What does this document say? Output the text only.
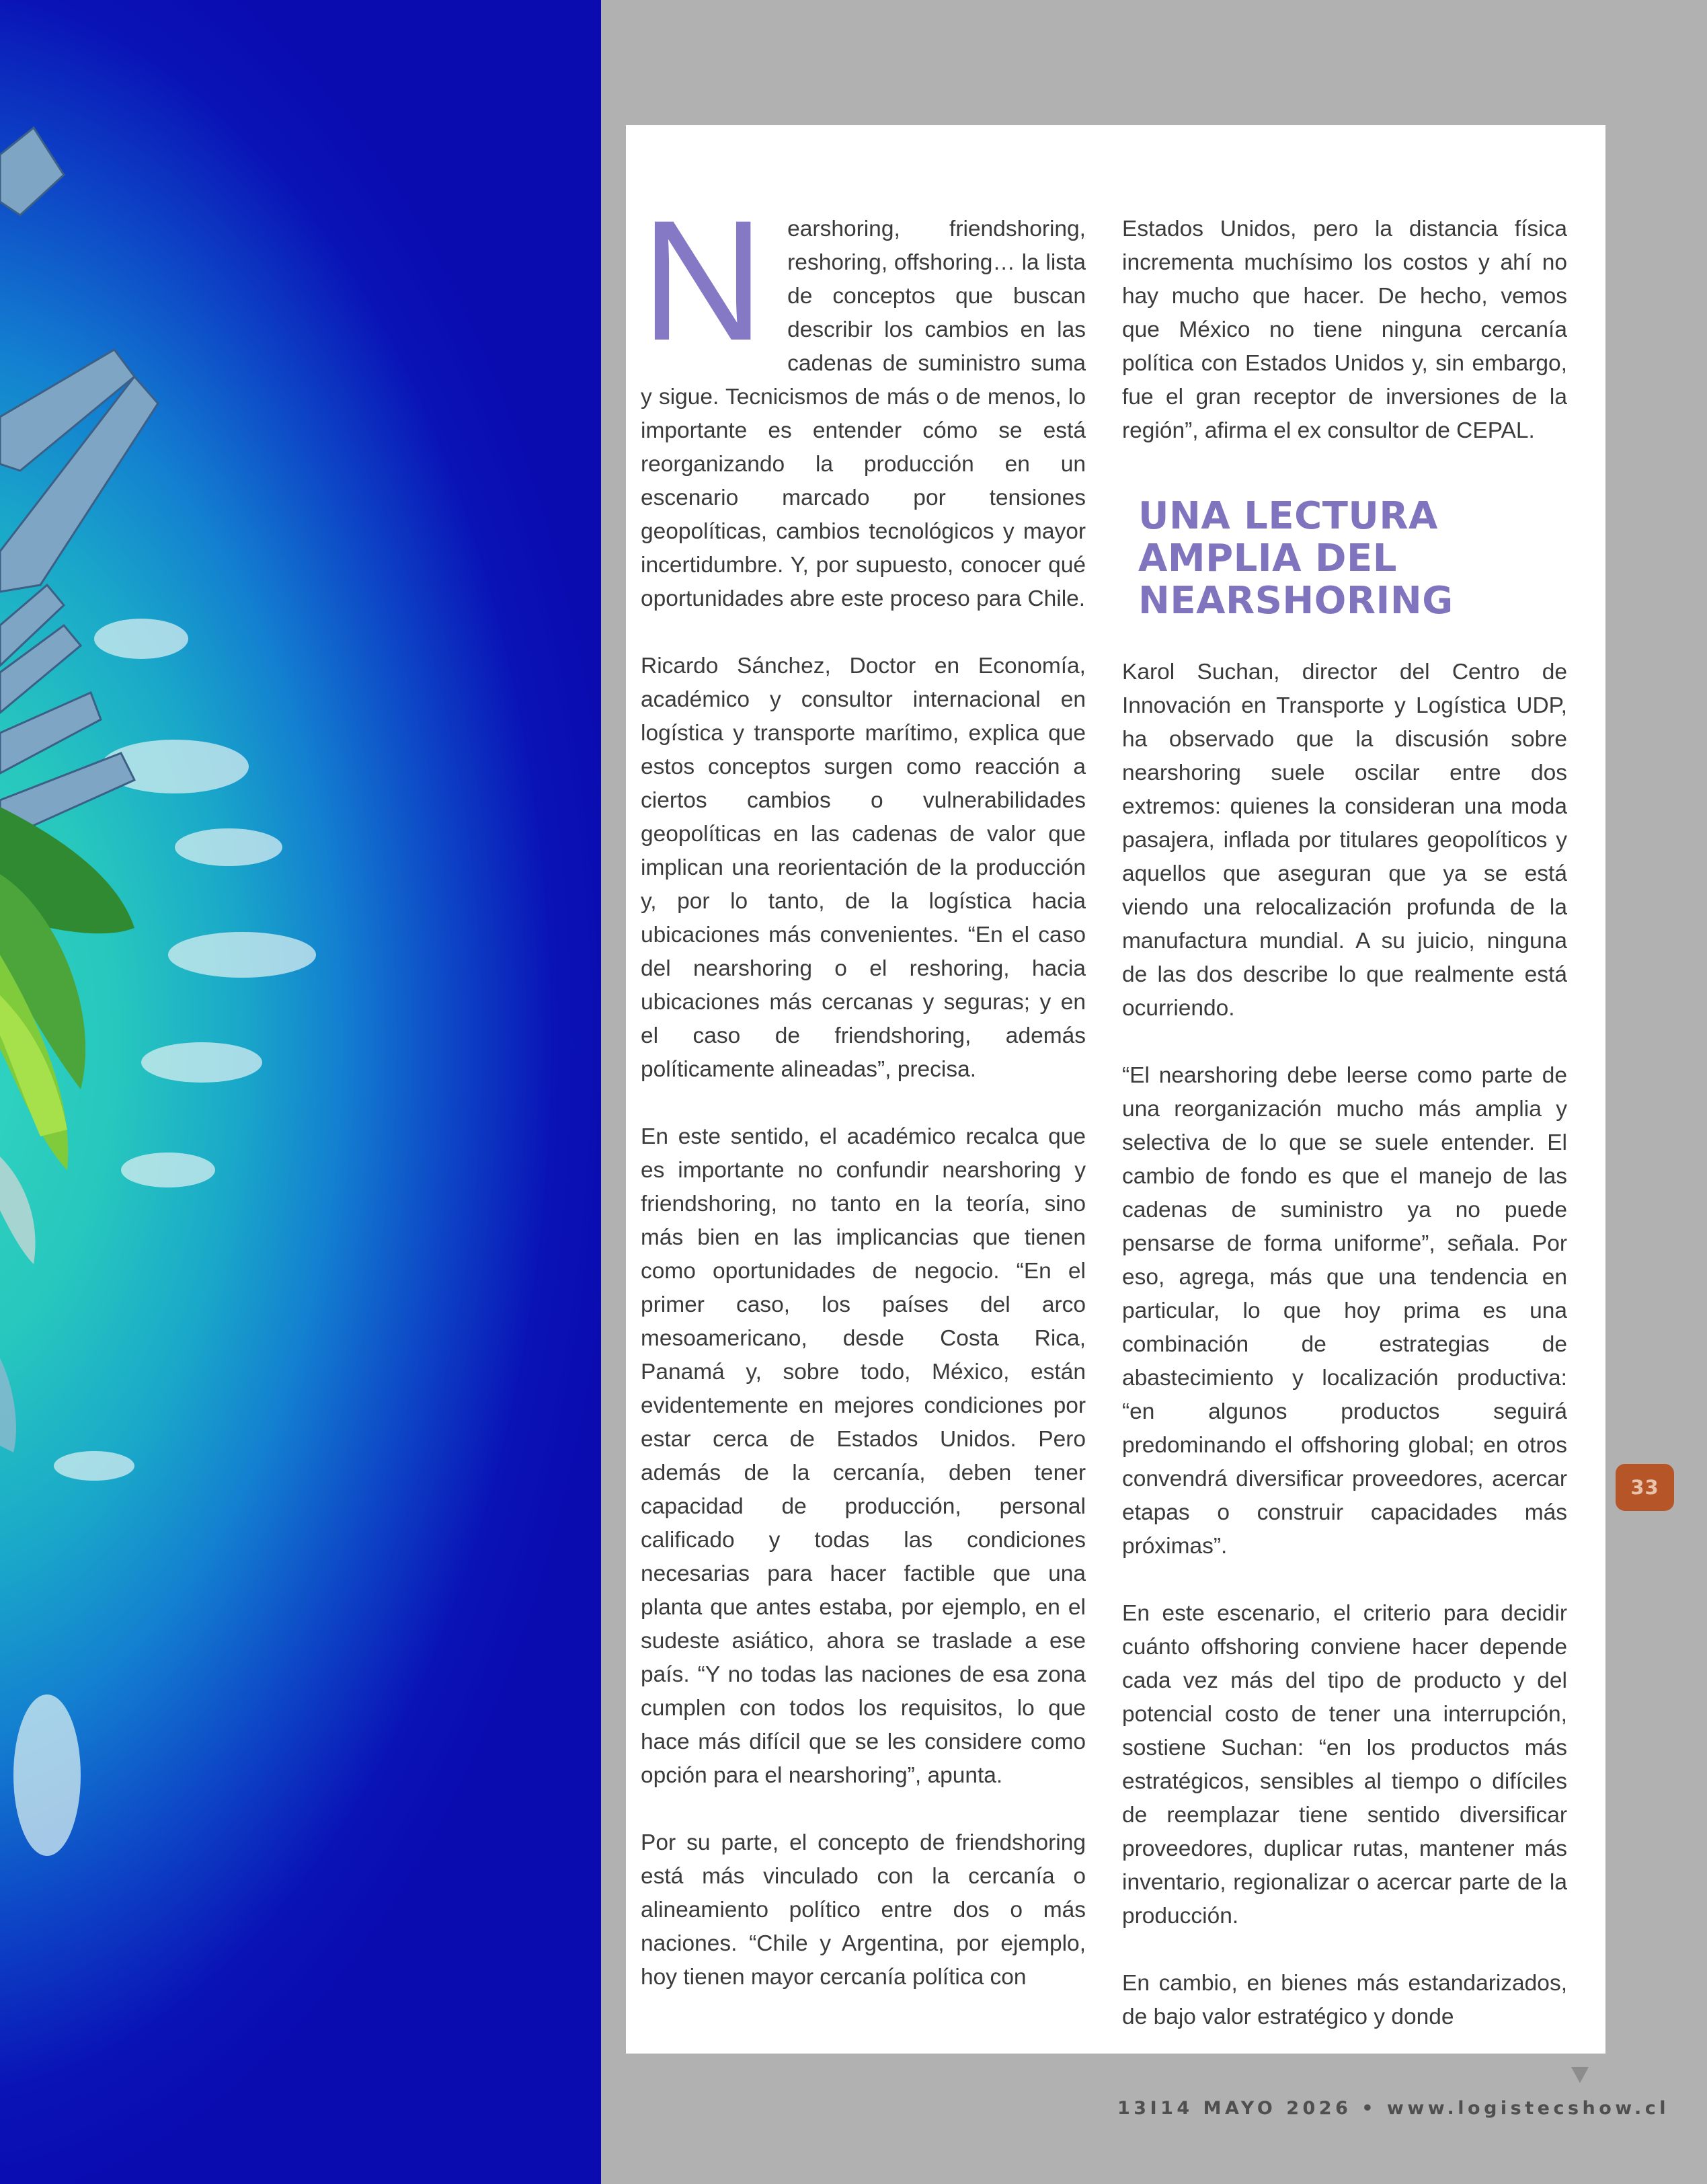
N earshoring, friendshoring, reshoring, offshoring… la lista de conceptos que buscan describir los cambios en las cadenas de suministro suma y sigue. Tecnicismos de más o de menos, lo importante es entender cómo se está reorganizando la producción en un escenario marcado por tensiones geopolíticas, cambios tecnológicos y mayor incertidumbre. Y, por supuesto, conocer qué oportunidades abre este proceso para Chile.

Ricardo Sánchez, Doctor en Economía, académico y consultor internacional en logística y transporte marítimo, explica que estos conceptos surgen como reacción a ciertos cambios o vulnerabilidades geopolíticas en las cadenas de valor que implican una reorientación de la producción y, por lo tanto, de la logística hacia ubicaciones más convenientes. “En el caso del nearshoring o el reshoring, hacia ubicaciones más cercanas y seguras; y en el caso de friendshoring, además políticamente alineadas”, precisa.

En este sentido, el académico recalca que es importante no confundir nearshoring y friendshoring, no tanto en la teoría, sino más bien en las implicancias que tienen como oportunidades de negocio. “En el primer caso, los países del arco mesoamericano, desde Costa Rica, Panamá y, sobre todo, México, están evidentemente en mejores condiciones por estar cerca de Estados Unidos. Pero además de la cercanía, deben tener capacidad de producción, personal calificado y todas las condiciones necesarias para hacer factible que una planta que antes estaba, por ejemplo, en el sudeste asiático, ahora se traslade a ese país. “Y no todas las naciones de esa zona cumplen con todos los requisitos, lo que hace más difícil que se les considere como opción para el nearshoring”, apunta.

Por su parte, el concepto de friendshoring está más vinculado con la cercanía o alineamiento político entre dos o más naciones. “Chile y Argentina, por ejemplo, hoy tienen mayor cercanía política con

Estados Unidos, pero la distancia física incrementa muchísimo los costos y ahí no hay mucho que hacer. De hecho, vemos que México no tiene ninguna cercanía política con Estados Unidos y, sin embargo, fue el gran receptor de inversiones de la región”, afirma el ex consultor de CEPAL.

UNA LECTURA
AMPLIA DEL
NEARSHORING

Karol Suchan, director del Centro de Innovación en Transporte y Logística UDP, ha observado que la discusión sobre nearshoring suele oscilar entre dos extremos: quienes la consideran una moda pasajera, inflada por titulares geopolíticos y aquellos que aseguran que ya se está viendo una relocalización profunda de la manufactura mundial. A su juicio, ninguna de las dos describe lo que realmente está ocurriendo.

“El nearshoring debe leerse como parte de una reorganización mucho más amplia y selectiva de lo que se suele entender. El cambio de fondo es que el manejo de las cadenas de suministro ya no puede pensarse de forma uniforme”, señala. Por eso, agrega, más que una tendencia en particular, lo que hoy prima es una combinación de estrategias de abastecimiento y localización productiva: “en algunos productos seguirá predominando el offshoring global; en otros convendrá diversificar proveedores, acercar etapas o construir capacidades más próximas”.

En este escenario, el criterio para decidir cuánto offshoring conviene hacer depende cada vez más del tipo de producto y del potencial costo de tener una interrupción, sostiene Suchan: “en los productos más estratégicos, sensibles al tiempo o difíciles de reemplazar tiene sentido diversificar proveedores, duplicar rutas, mantener más inventario, regionalizar o acercar parte de la producción.

En cambio, en bienes más estandarizados, de bajo valor estratégico y donde

33
13I14 MAYO 2026 • www.logistecshow.cl
